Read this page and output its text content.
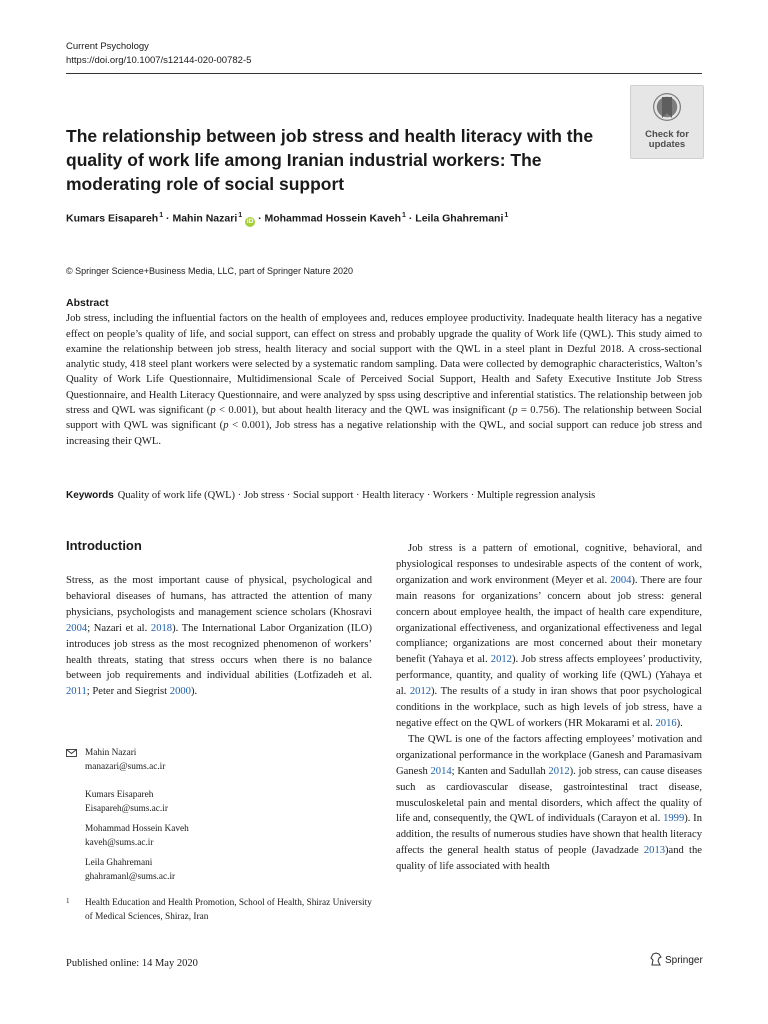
Current Psychology
https://doi.org/10.1007/s12144-020-00782-5
Check for updates
The relationship between job stress and health literacy with the quality of work life among Iranian industrial workers: The moderating role of social support
Kumars Eisapareh$^1$ · Mahin Nazari$^1$iD · Mohammad Hossein Kaveh$^1$ · Leila Ghahremani$^1$
© Springer Science+Business Media, LLC, part of Springer Nature 2020
Abstract
Job stress, including the influential factors on the health of employees and, reduces employee productivity. Inadequate health literacy has a negative effect on people’s quality of life, and social support, can effect on stress and probably upgrade the quality of Work life (QWL). This study aimed to examine the relationship between job stress, health literacy and social support with the QWL in a steel plant in Dezful 2018. A cross-sectional analytic study, 418 steel plant workers were selected by a systematic random sampling. Data were collected by demographic characteristics, Walton’s Quality of Work Life Questionnaire, Multidimensional Scale of Perceived Social Support, Health and Safety Executive Institute Job Stress Questionnaire, and Health Literacy Questionnaire, and were analyzed by spss using descriptive and inferential statistics. The relationship between job stress and QWL was significant (p < 0.001), but about health literacy and the QWL was insignificant (p = 0.756). The relationship between Social support with QWL was significant (p < 0.001), Job stress has a negative relationship with the QWL, and social support can reduce job stress and increasing their QWL.
Keywords Quality of work life (QWL) · Job stress · Social support · Health literacy · Workers · Multiple regression analysis
Introduction

Stress, as the most important cause of physical, psychological and behavioral diseases of humans, has attracted the attention of many physicians, psychologists and management science scholars (Khosravi 2004; Nazari et al. 2018). The International Labor Organization (ILO) introduces job stress as the most recognized phenomenon of workers’ health threats, stating that stress occurs when there is no balance between job requirements and individual abilities (Lotfizadeh et al. 2011; Peter and Siegrist 2000).

Mahin Nazari
manazari@sums.ac.ir
Kumars Eisapareh
Eisapareh@sums.ac.ir
Mohammad Hossein Kaveh
kaveh@sums.ac.ir
Leila Ghahremani
ghahramanl@sums.ac.ir
1 Health Education and Health Promotion, School of Health, Shiraz University of Medical Sciences, Shiraz, Iran

Job stress is a pattern of emotional, cognitive, behavioral, and physiological responses to undesirable aspects of the content of work, organization and work environment (Meyer et al. 2004). There are four main reasons for organizations’ concern about job stress: general concern about employee health, the impact of health care expenditure, organizational effectiveness, and organizational effectiveness and legal compliance; organizations are most concerned about their monetary benefit (Yahaya et al. 2012). Job stress affects employees’ productivity, performance, quantity, and quality of working life (QWL) (Yahaya et al. 2012). The results of a study in iran shows that poor psychological conditions in the workplace, such as high levels of job stress, have a negative effect on the QWL of workers (HR Mokarami et al. 2016).

The QWL is one of the factors affecting employees’ motivation and organizational performance in the workplace (Ganesh and Paramasivam Ganesh 2014; Kanten and Sadullah 2012). job stress, can cause diseases such as cardiovascular disease, gastrointestinal tract disease, musculoskeletal pain and mental disorders, which affect the quality of life and, consequently, the QWL of individuals (Carayon et al. 1999). In addition, the results of numerous studies have shown that health literacy affects the general health status of people (Javadzade 2013)and the quality of life associated with health

Published online: 14 May 2020	Springer
